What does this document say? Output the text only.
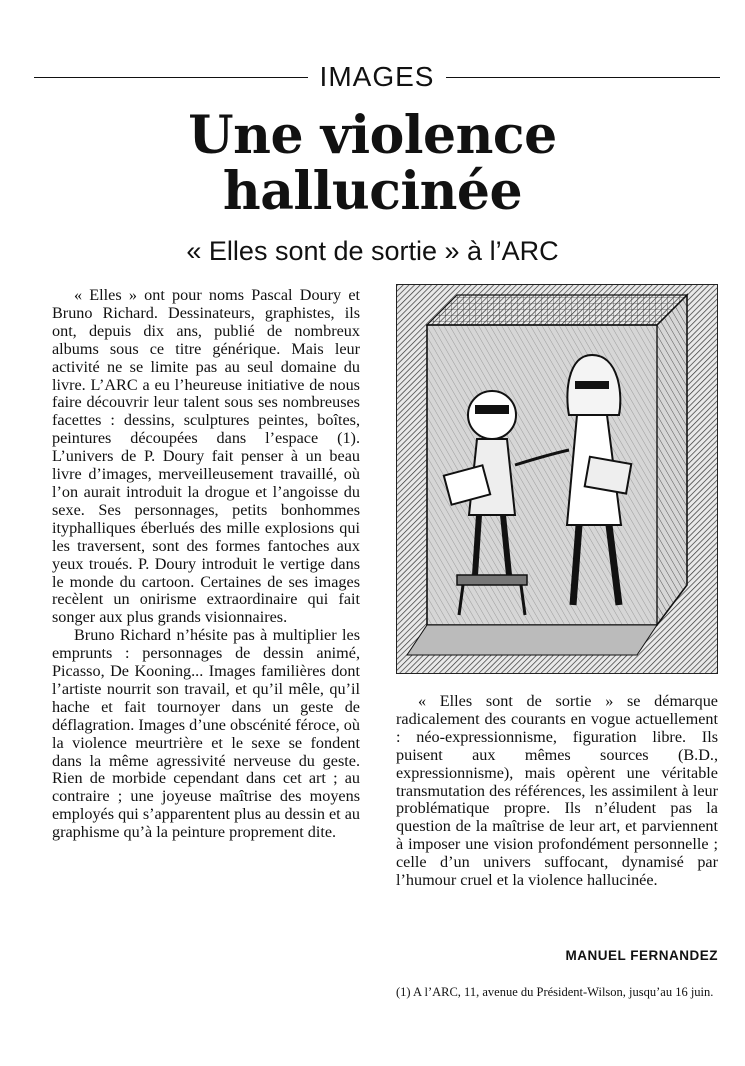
IMAGES
Une violence
hallucinée
« Elles sont de sortie » à l’ARC

« Elles » ont pour noms Pascal Doury et Bruno Richard. Dessinateurs, graphistes, ils ont, depuis dix ans, publié de nombreux albums sous ce titre générique. Mais leur activité ne se limite pas au seul domaine du livre. L’ARC a eu l’heureuse initiative de nous faire découvrir leur talent sous ses nombreuses facettes : dessins, sculptures peintes, boîtes, peintures découpées dans l’espace (1). L’univers de P. Doury fait penser à un beau livre d’images, merveilleusement travaillé, où l’on aurait introduit la drogue et l’angoisse du sexe. Ses personnages, petits bonhommes ityphalliques éberlués des mille explosions qui les traversent, sont des formes fantoches aux yeux troués. P. Doury introduit le vertige dans le monde du cartoon. Certaines de ses images recèlent un onirisme extraordinaire qui fait songer aux plus grands visionnaires.

Bruno Richard n’hésite pas à multiplier les emprunts : personnages de dessin animé, Picasso, De Kooning... Images familières dont l’artiste nourrit son travail, et qu’il mêle, qu’il hache et fait tournoyer dans un geste de déflagration. Images d’une obscénité féroce, où la violence meurtrière et le sexe se fondent dans la même agressivité nerveuse du geste. Rien de morbide cependant dans cet art ; au contraire ; une joyeuse maîtrise des moyens employés qui s’apparentent plus au dessin et au graphisme qu’à la peinture proprement dite.

« Elles sont de sortie » se démarque radicalement des courants en vogue actuellement : néo-expressionnisme, figuration libre. Ils puisent aux mêmes sources (B.D., expressionnisme), mais opèrent une véritable transmutation des références, les assimilent à leur problématique propre. Ils n’éludent pas la question de la maîtrise de leur art, et parviennent à imposer une vision profondément personnelle ; celle d’un univers suffocant, dynamisé par l’humour cruel et la violence hallucinée.

MANUEL FERNANDEZ
(1) A l’ARC, 11, avenue du Président-Wilson, jusqu’au 16 juin.
